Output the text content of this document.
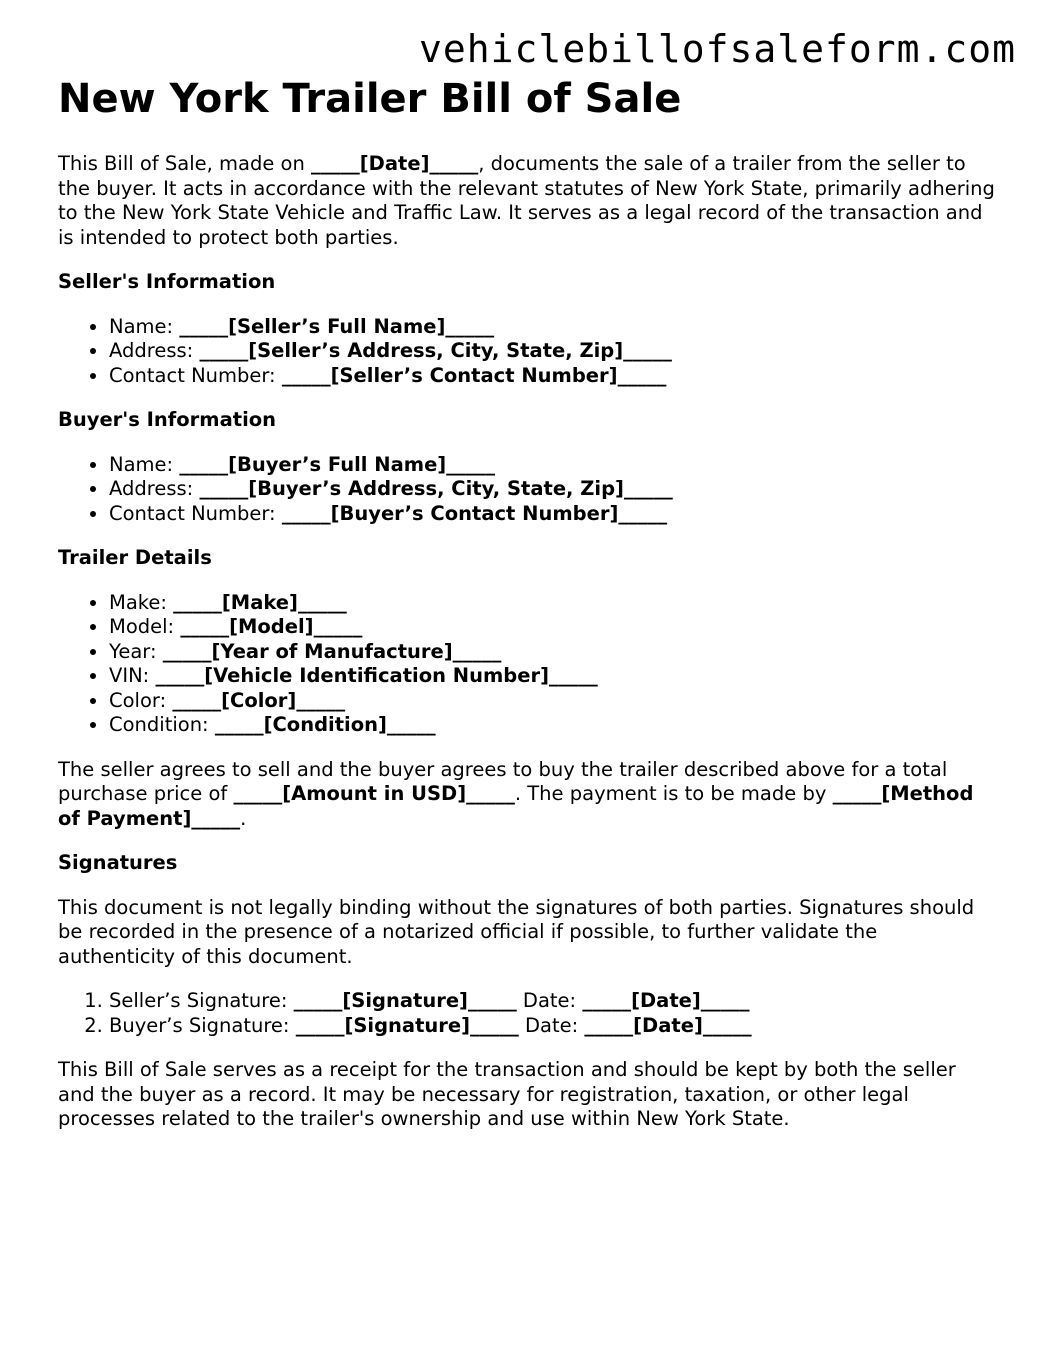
vehiclebillofsaleform.com
New York Trailer Bill of Sale

This Bill of Sale, made on _____[Date]_____, documents the sale of a trailer from the seller to the buyer. It acts in accordance with the relevant statutes of New York State, primarily adhering to the New York State Vehicle and Traffic Law. It serves as a legal record of the transaction and is intended to protect both parties.

Seller's Information
• Name: _____[Seller’s Full Name]_____
• Address: _____[Seller’s Address, City, State, Zip]_____
• Contact Number: _____[Seller’s Contact Number]_____
Buyer's Information
• Name: _____[Buyer’s Full Name]_____
• Address: _____[Buyer’s Address, City, State, Zip]_____
• Contact Number: _____[Buyer’s Contact Number]_____
Trailer Details
• Make: _____[Make]_____
• Model: _____[Model]_____
• Year: _____[Year of Manufacture]_____
• VIN: _____[Vehicle Identification Number]_____
• Color: _____[Color]_____
• Condition: _____[Condition]_____

The seller agrees to sell and the buyer agrees to buy the trailer described above for a total purchase price of _____[Amount in USD]_____. The payment is to be made by _____[Method of Payment]_____.

Signatures

This document is not legally binding without the signatures of both parties. Signatures should be recorded in the presence of a notarized official if possible, to further validate the authenticity of this document.

1. Seller’s Signature: _____[Signature]_____ Date: _____[Date]_____
2. Buyer’s Signature: _____[Signature]_____ Date: _____[Date]_____

This Bill of Sale serves as a receipt for the transaction and should be kept by both the seller and the buyer as a record. It may be necessary for registration, taxation, or other legal processes related to the trailer's ownership and use within New York State.
